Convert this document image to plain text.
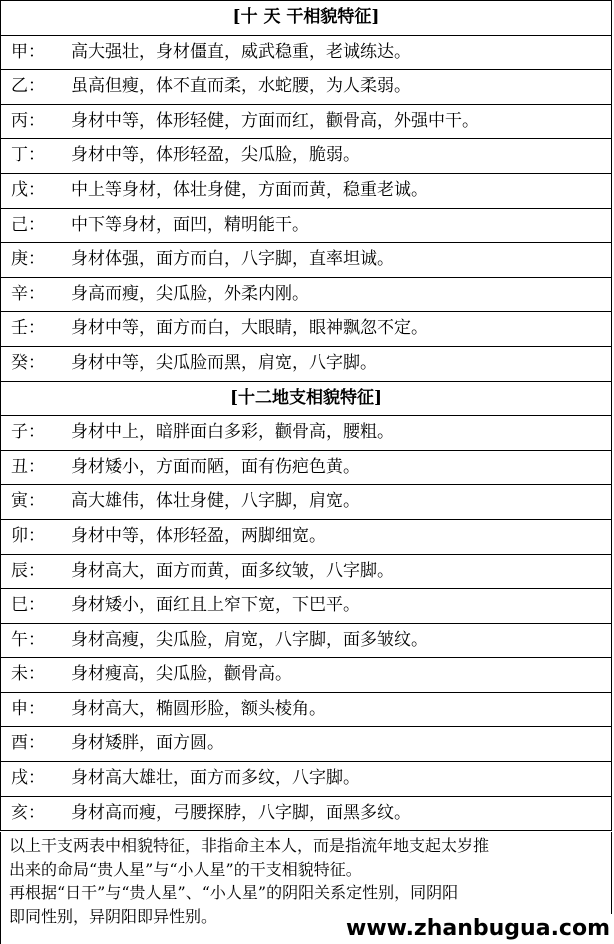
[十 天 干相貌特征]
甲： 高大强壮，身材僵直，威武稳重，老诚练达。
乙： 虽高但瘦，体不直而柔，水蛇腰，为人柔弱。
丙： 身材中等，体形轻健，方面而红，颧骨高，外强中干。
丁： 身材中等，体形轻盈，尖瓜脸，脆弱。
戊： 中上等身材，体壮身健，方面而黄，稳重老诚。
己： 中下等身材，面凹，精明能干。
庚： 身材体强，面方而白，八字脚，直率坦诚。
辛： 身高而瘦，尖瓜脸，外柔内刚。
壬： 身材中等，面方而白，大眼睛，眼神飘忽不定。
癸： 身材中等，尖瓜脸而黑，肩宽，八字脚。
[十二地支相貌特征]
子： 身材中上，暗胖面白多彩，颧骨高，腰粗。
丑： 身材矮小，方面而陋，面有伤疤色黄。
寅： 高大雄伟，体壮身健，八字脚，肩宽。
卯： 身材中等，体形轻盈，两脚细宽。
辰： 身材高大，面方而黄，面多纹皱，八字脚。
巳： 身材矮小，面红且上窄下宽，下巴平。
午： 身材高瘦，尖瓜脸，肩宽，八字脚，面多皱纹。
未： 身材瘦高，尖瓜脸，颧骨高。
申： 身材高大，椭圆形脸，额头棱角。
酉： 身材矮胖，面方圆。
戌： 身材高大雄壮，面方而多纹，八字脚。
亥： 身材高而瘦，弓腰探脖，八字脚，面黑多纹。
以上干支两表中相貌特征，非指命主本人，而是指流年地支起太岁推
出来的命局“贵人星”与“小人星”的干支相貌特征。
再根据“日干”与“贵人星”、“小人星”的阴阳关系定性别，同阴阳
即同性别，异阴阳即异性别。	www.zhanbugua.com
